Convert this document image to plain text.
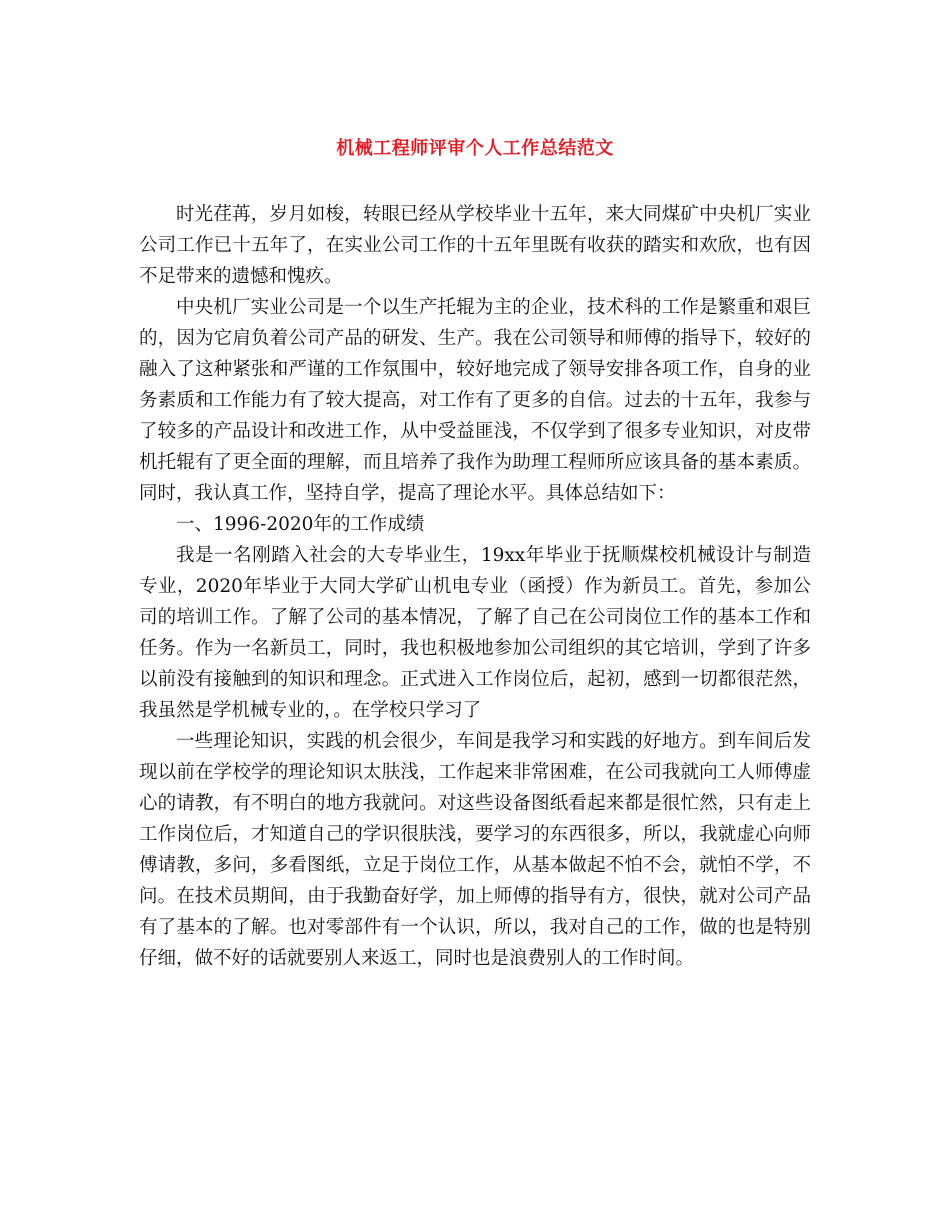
机械工程师评审个人工作总结范文
时光荏苒，岁月如梭，转眼已经从学校毕业十五年，来大同煤矿中央机厂实业
公司工作已十五年了，在实业公司工作的十五年里既有收获的踏实和欢欣，也有因
不足带来的遗憾和愧疚。
中央机厂实业公司是一个以生产托辊为主的企业，技术科的工作是繁重和艰巨
的，因为它肩负着公司产品的研发、生产。我在公司领导和师傅的指导下，较好的
融入了这种紧张和严谨的工作氛围中，较好地完成了领导安排各项工作，自身的业
务素质和工作能力有了较大提高，对工作有了更多的自信。过去的十五年，我参与
了较多的产品设计和改进工作，从中受益匪浅，不仅学到了很多专业知识，对皮带
机托辊有了更全面的理解，而且培养了我作为助理工程师所应该具备的基本素质。
同时，我认真工作，坚持自学，提高了理论水平。具体总结如下：
一、1996-2020年的工作成绩
我是一名刚踏入社会的大专毕业生，19xx年毕业于抚顺煤校机械设计与制造
专业，2020年毕业于大同大学矿山机电专业（函授）作为新员工。首先，参加公
司的培训工作。了解了公司的基本情况，了解了自己在公司岗位工作的基本工作和
任务。作为一名新员工，同时，我也积极地参加公司组织的其它培训，学到了许多
以前没有接触到的知识和理念。正式进入工作岗位后，起初，感到一切都很茫然，
我虽然是学机械专业的，。在学校只学习了
一些理论知识，实践的机会很少，车间是我学习和实践的好地方。到车间后发
现以前在学校学的理论知识太肤浅，工作起来非常困难，在公司我就向工人师傅虚
心的请教，有不明白的地方我就问。对这些设备图纸看起来都是很忙然，只有走上
工作岗位后，才知道自己的学识很肤浅，要学习的东西很多，所以，我就虚心向师
傅请教，多问，多看图纸，立足于岗位工作，从基本做起不怕不会，就怕不学，不
问。在技术员期间，由于我勤奋好学，加上师傅的指导有方，很快，就对公司产品
有了基本的了解。也对零部件有一个认识，所以，我对自己的工作，做的也是特别
仔细，做不好的话就要别人来返工，同时也是浪费别人的工作时间。
